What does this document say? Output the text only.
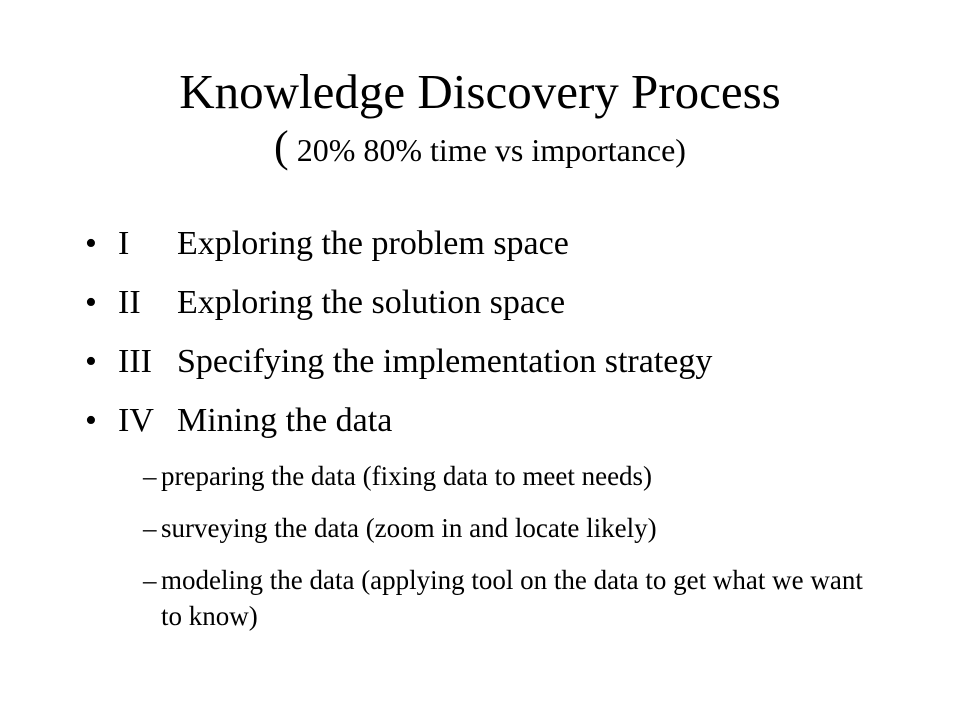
Knowledge Discovery Process
( 20% 80% time vs importance)
• I Exploring the problem space
• II Exploring the solution space
• III Specifying the implementation strategy
• IV Mining the data
– preparing the data (fixing data to meet needs)
– surveying the data (zoom in and locate likely)
– modeling the data (applying tool on the data to get what we want to know)
